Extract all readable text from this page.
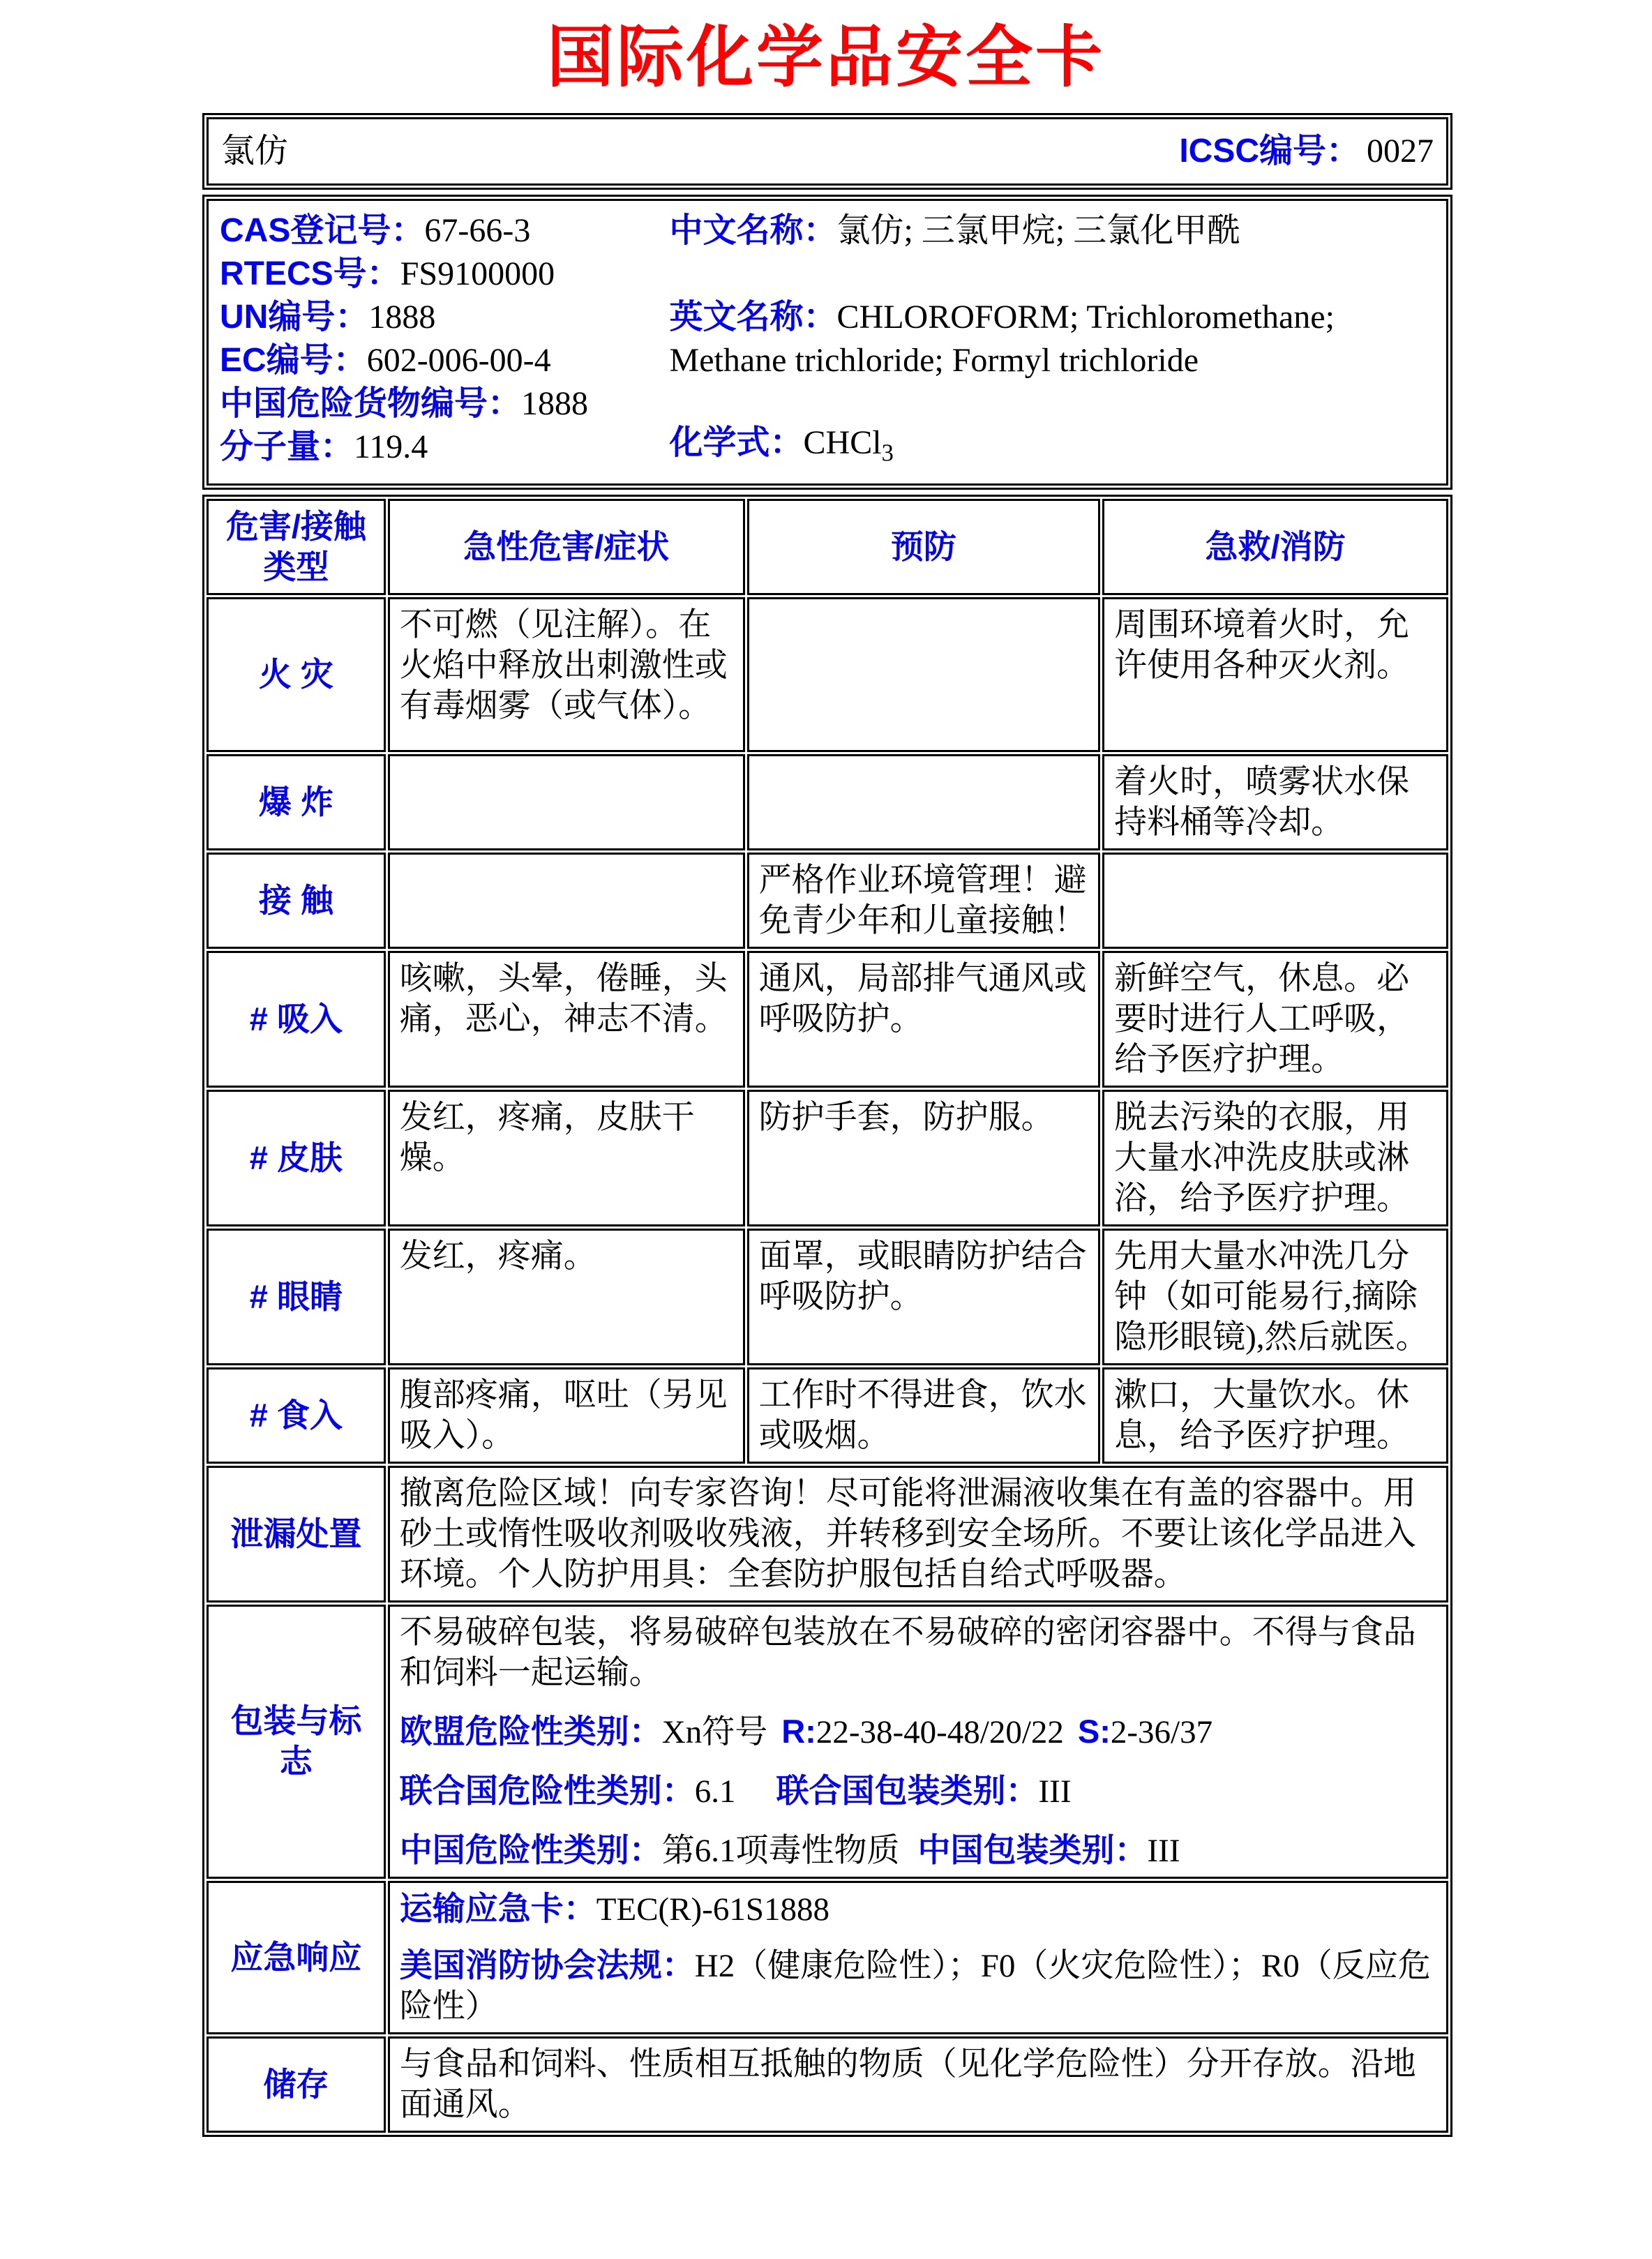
国际化学品安全卡
氯仿	ICSC编号： 0027
CAS登记号：67-66-3
RTECS号：FS9100000
UN编号：1888
EC编号：602-006-00-4
中国危险货物编号：1888
分子量：119.4

中文名称：氯仿; 三氯甲烷; 三氯化甲酰

英文名称：CHLOROFORM; Trichloromethane; Methane trichloride; Formyl trichloride

化学式：CHCl$_3$

危害/接触
类型	急性危害/症状	预防	急救/消防
火 灾	不可燃（见注解）。在火焰中释放出刺激性或有毒烟雾（或气体）。		周围环境着火时，允许使用各种灭火剂。
爆 炸			着火时，喷雾状水保持料桶等冷却。
接 触		严格作业环境管理！避免青少年和儿童接触！	
# 吸入	咳嗽，头晕，倦睡，头痛，恶心，神志不清。	通风，局部排气通风或呼吸防护。	新鲜空气，休息。必要时进行人工呼吸，给予医疗护理。
# 皮肤	发红，疼痛，皮肤干燥。	防护手套，防护服。	脱去污染的衣服，用大量水冲洗皮肤或淋浴，给予医疗护理。
# 眼睛	发红，疼痛。	面罩，或眼睛防护结合呼吸防护。	先用大量水冲洗几分钟（如可能易行,摘除隐形眼镜),然后就医。
# 食入	腹部疼痛，呕吐（另见吸入）。	工作时不得进食，饮水或吸烟。	漱口，大量饮水。休息，给予医疗护理。
泄漏处置	撤离危险区域！向专家咨询！尽可能将泄漏液收集在有盖的容器中。用砂土或惰性吸收剂吸收残液，并转移到安全场所。不要让该化学品进入环境。个人防护用具：全套防护服包括自给式呼吸器。		
包装与标志	不易破碎包装，将易破碎包装放在不易破碎的密闭容器中。不得与食品和饲料一起运输。

欧盟危险性类别：Xn符号 R:22-38-40-48/20/22 S:2-36/37

联合国危险性类别：6.1 联合国包装类别：III

中国危险性类别：第6.1项毒性物质 中国包装类别：III		

应急响应	运输应急卡：TEC(R)-61S1888

美国消防协会法规：H2（健康危险性）；F0（火灾危险性）；R0（反应危险性）		

储存	与食品和饲料、性质相互抵触的物质（见化学危险性）分开存放。沿地面通风。		
